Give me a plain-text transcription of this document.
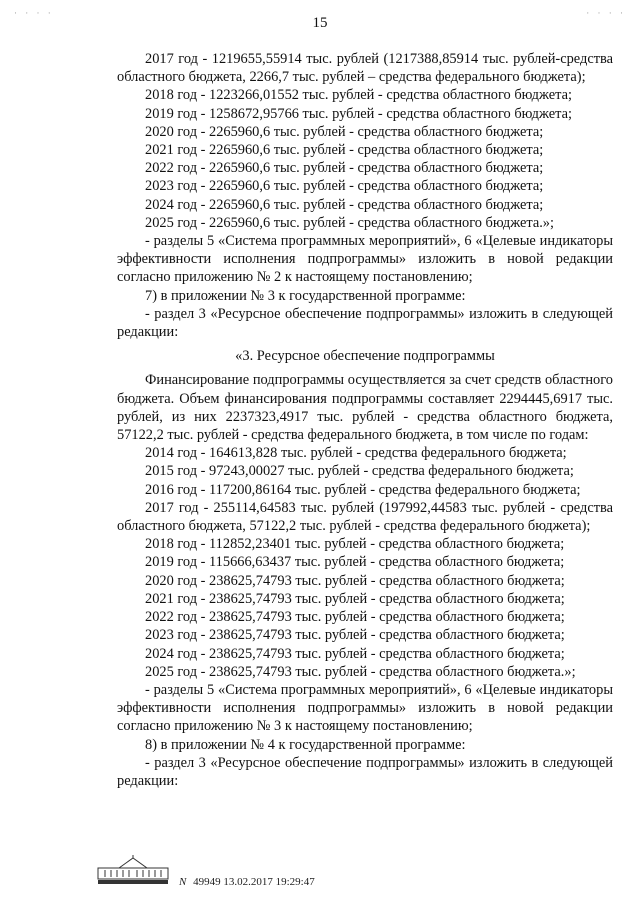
· · · ·	· · · ·
15

2017 год - 1219655,55914 тыс. рублей (1217388,85914 тыс. рублей-средства областного бюджета, 2266,7 тыс. рублей – средства федерального бюджета);

2018 год - 1223266,01552 тыс. рублей - средства областного бюджета;

2019 год - 1258672,95766 тыс. рублей - средства областного бюджета;

2020 год - 2265960,6 тыс. рублей - средства областного бюджета;

2021 год - 2265960,6 тыс. рублей - средства областного бюджета;

2022 год - 2265960,6 тыс. рублей - средства областного бюджета;

2023 год - 2265960,6 тыс. рублей - средства областного бюджета;

2024 год - 2265960,6 тыс. рублей - средства областного бюджета;

2025 год - 2265960,6 тыс. рублей - средства областного бюджета.»;

- разделы 5 «Система программных мероприятий», 6 «Целевые индикаторы эффективности исполнения подпрограммы» изложить в новой редакции согласно приложению № 2 к настоящему постановлению;

7) в приложении № 3 к государственной программе:

- раздел 3 «Ресурсное обеспечение подпрограммы» изложить в следующей редакции:

«3. Ресурсное обеспечение подпрограммы

Финансирование подпрограммы осуществляется за счет средств областного бюджета. Объем финансирования подпрограммы составляет 2294445,6917 тыс. рублей, из них 2237323,4917 тыс. рублей - средства областного бюджета, 57122,2 тыс. рублей - средства федерального бюджета, в том числе по годам:

2014 год - 164613,828 тыс. рублей - средства федерального бюджета;

2015 год - 97243,00027 тыс. рублей - средства федерального бюджета;

2016 год - 117200,86164 тыс. рублей - средства федерального бюджета;

2017 год - 255114,64583 тыс. рублей (197992,44583 тыс. рублей - средства областного бюджета, 57122,2 тыс. рублей - средства федерального бюджета);

2018 год - 112852,23401 тыс. рублей - средства областного бюджета;

2019 год - 115666,63437 тыс. рублей - средства областного бюджета;

2020 год - 238625,74793 тыс. рублей - средства областного бюджета;

2021 год - 238625,74793 тыс. рублей - средства областного бюджета;

2022 год - 238625,74793 тыс. рублей - средства областного бюджета;

2023 год - 238625,74793 тыс. рублей - средства областного бюджета;

2024 год - 238625,74793 тыс. рублей - средства областного бюджета;

2025 год - 238625,74793 тыс. рублей - средства областного бюджета.»;

- разделы 5 «Система программных мероприятий», 6 «Целевые индикаторы эффективности исполнения подпрограммы» изложить в новой редакции согласно приложению № 3 к настоящему постановлению;

8) в приложении № 4 к государственной программе:

- раздел 3 «Ресурсное обеспечение подпрограммы» изложить в следующей редакции:

N 49949 13.02.2017 19:29:47
